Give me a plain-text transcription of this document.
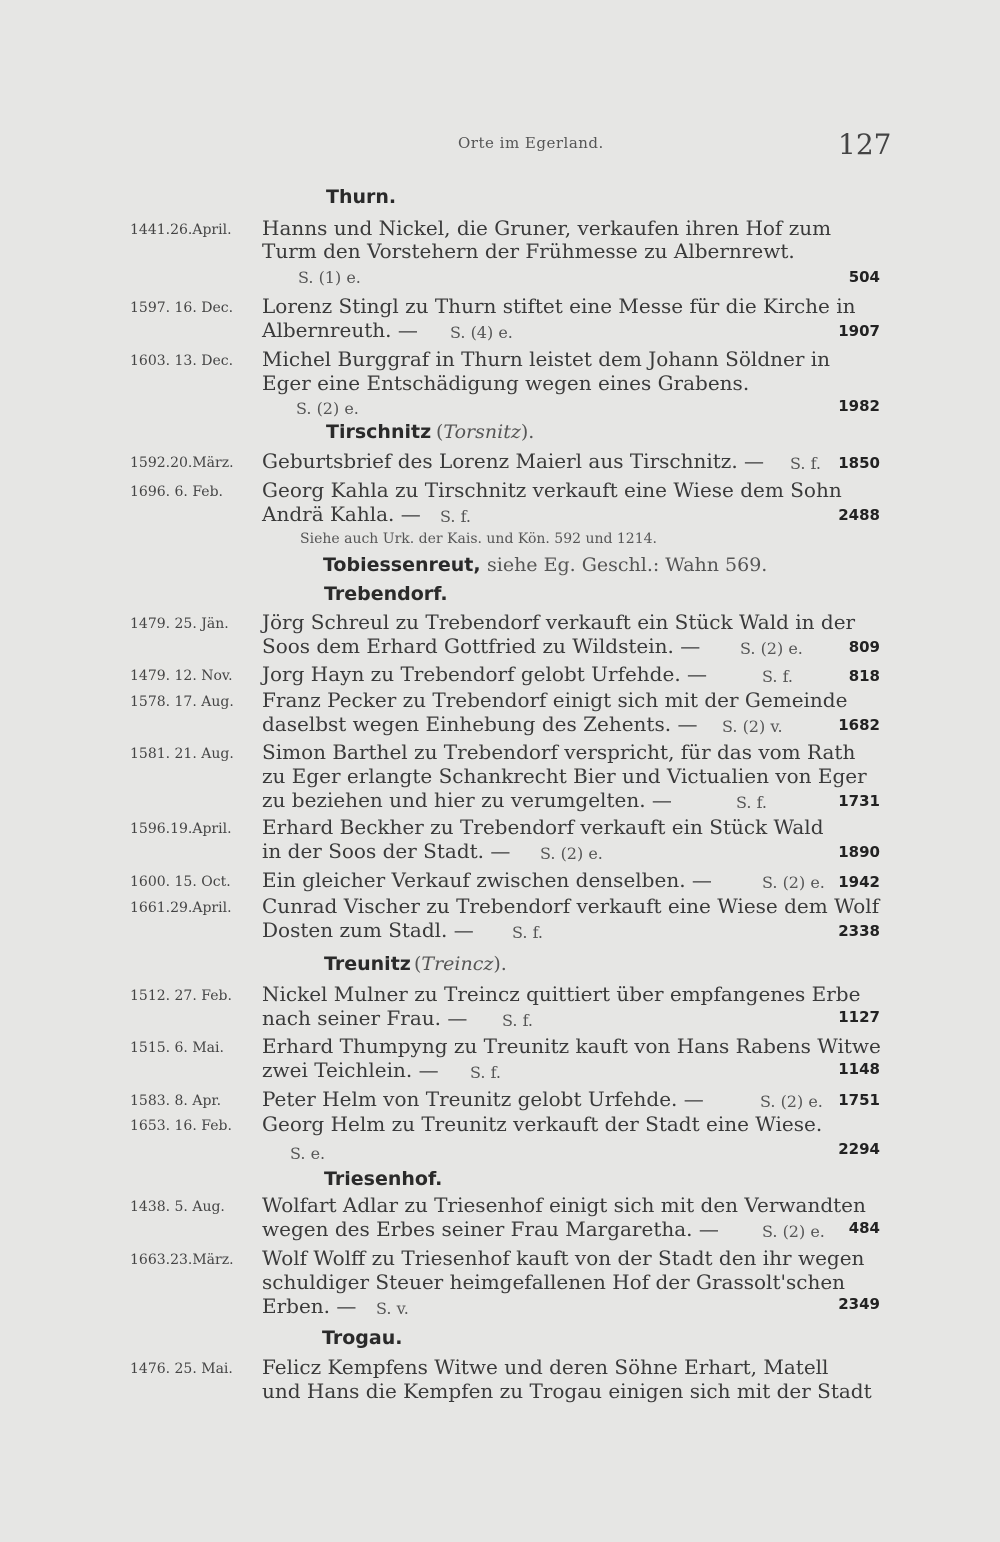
Orte im Egerland.	127
Thurn.
1441.26.April.	Hanns und Nickel, die Gruner, verkaufen ihren Hof zum
Turm den Vorstehern der Frühmesse zu Albernrewt.
S. (1) e.	504
1597. 16. Dec.	Lorenz Stingl zu Thurn stiftet eine Messe für die Kirche in
Albernreuth. — S. (4) e.	1907
1603. 13. Dec.	Michel Burggraf in Thurn leistet dem Johann Söldner in
Eger eine Entschädigung wegen eines Grabens.
S. (2) e.	1982
Tirschnitz (Torsnitz).
1592.20.März.	Geburtsbrief des Lorenz Maierl aus Tirschnitz. — S. f. 1850
1696. 6. Feb.	Georg Kahla zu Tirschnitz verkauft eine Wiese dem Sohn
Andrä Kahla. — S. f.	2488
Siehe auch Urk. der Kais. und Kön. 592 und 1214.
Tobiessenreut, siehe Eg. Geschl.: Wahn 569.
Trebendorf.
1479. 25. Jän.	Jörg Schreul zu Trebendorf verkauft ein Stück Wald in der
Soos dem Erhard Gottfried zu Wildstein. — S. (2) e.	809
1479. 12. Nov.	Jorg Hayn zu Trebendorf gelobt Urfehde. —	S. f.	818
1578. 17. Aug.	Franz Pecker zu Trebendorf einigt sich mit der Gemeinde
daselbst wegen Einhebung des Zehents. — S. (2) v.	1682
1581. 21. Aug.	Simon Barthel zu Trebendorf verspricht, für das vom Rath
zu Eger erlangte Schankrecht Bier und Victualien von Eger
zu beziehen und hier zu verumgelten. —	S. f.	1731
1596.19.April.	Erhard Beckher zu Trebendorf verkauft ein Stück Wald
in der Soos der Stadt. — S. (2) e.	1890
1600. 15. Oct.	Ein gleicher Verkauf zwischen denselben. —	S. (2) e. 1942
1661.29.April.	Cunrad Vischer zu Trebendorf verkauft eine Wiese dem Wolf
Dosten zum Stadl. — S. f.	2338
Treunitz (Treincz).
1512. 27. Feb.	Nickel Mulner zu Treincz quittiert über empfangenes Erbe
nach seiner Frau. — S. f.	1127
1515. 6. Mai.	Erhard Thumpyng zu Treunitz kauft von Hans Rabens Witwe
zwei Teichlein. — S. f.	1148
1583. 8. Apr.	Peter Helm von Treunitz gelobt Urfehde. —	S. (2) e. 1751
1653. 16. Feb.	Georg Helm zu Treunitz verkauft der Stadt eine Wiese.
S. e.	2294
Triesenhof.
1438. 5. Aug.	Wolfart Adlar zu Triesenhof einigt sich mit den Verwandten
wegen des Erbes seiner Frau Margaretha. —	S. (2) e. 484
1663.23.März.	Wolf Wolff zu Triesenhof kauft von der Stadt den ihr wegen
schuldiger Steuer heimgefallenen Hof der Grassolt'schen
Erben. — S. v.	2349
Trogau.
1476. 25. Mai.	Felicz Kempfens Witwe und deren Söhne Erhart, Matell
und Hans die Kempfen zu Trogau einigen sich mit der Stadt
